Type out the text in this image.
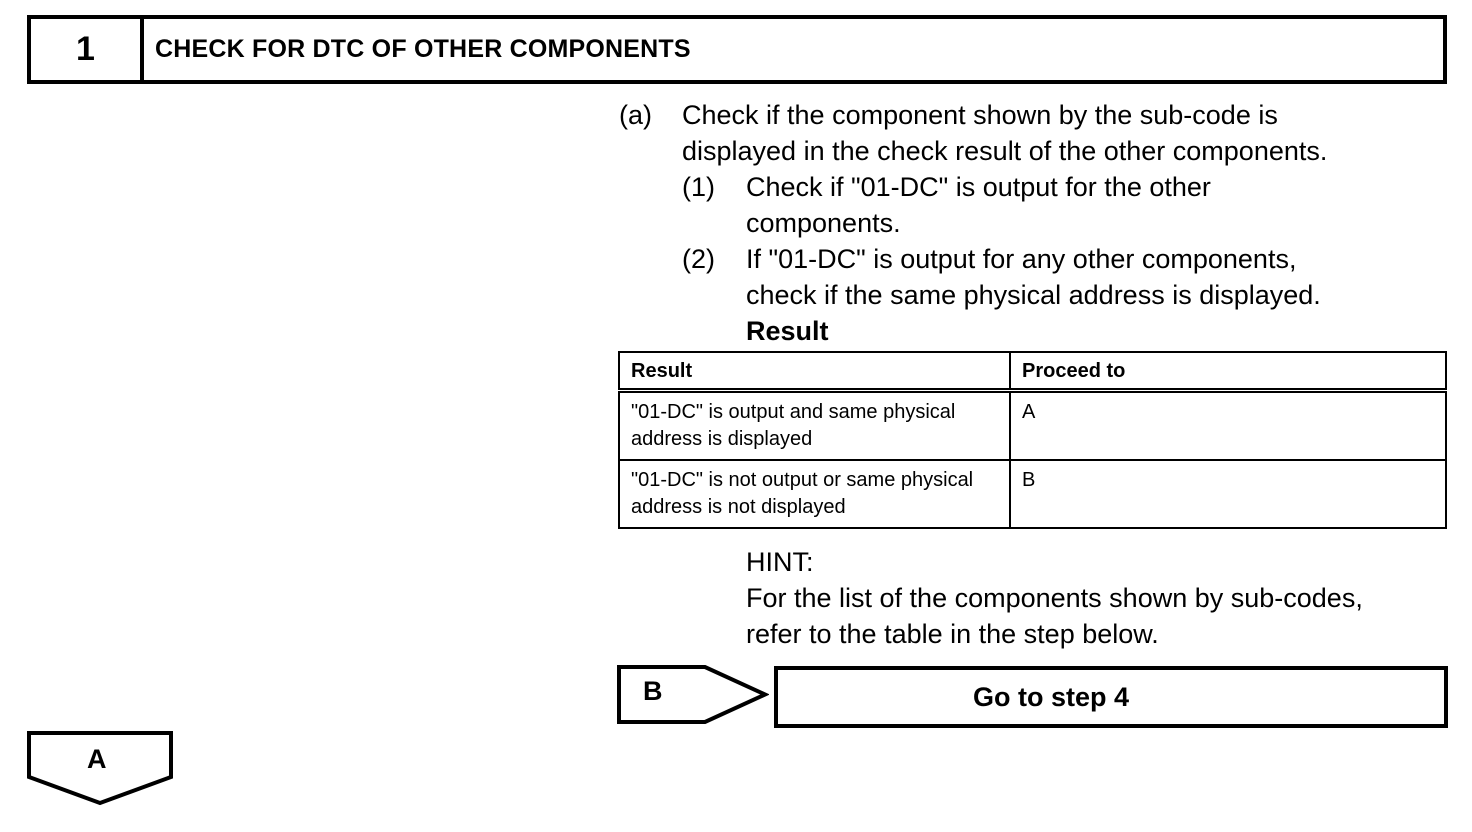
1	CHECK FOR DTC OF OTHER COMPONENTS
(a) Check if the component shown by the sub-code is
displayed in the check result of the other components.
(1) Check if "01-DC" is output for the other
components.
(2) If "01-DC" is output for any other components,
check if the same physical address is displayed.
Result
Result	Proceed to

"01-DC" is output and same physical
address is displayed	A

"01-DC" is not output or same physical
address is not displayed	B
HINT:
For the list of the components shown by sub-codes,
refer to the table in the step below.
B	Go to step 4
A
